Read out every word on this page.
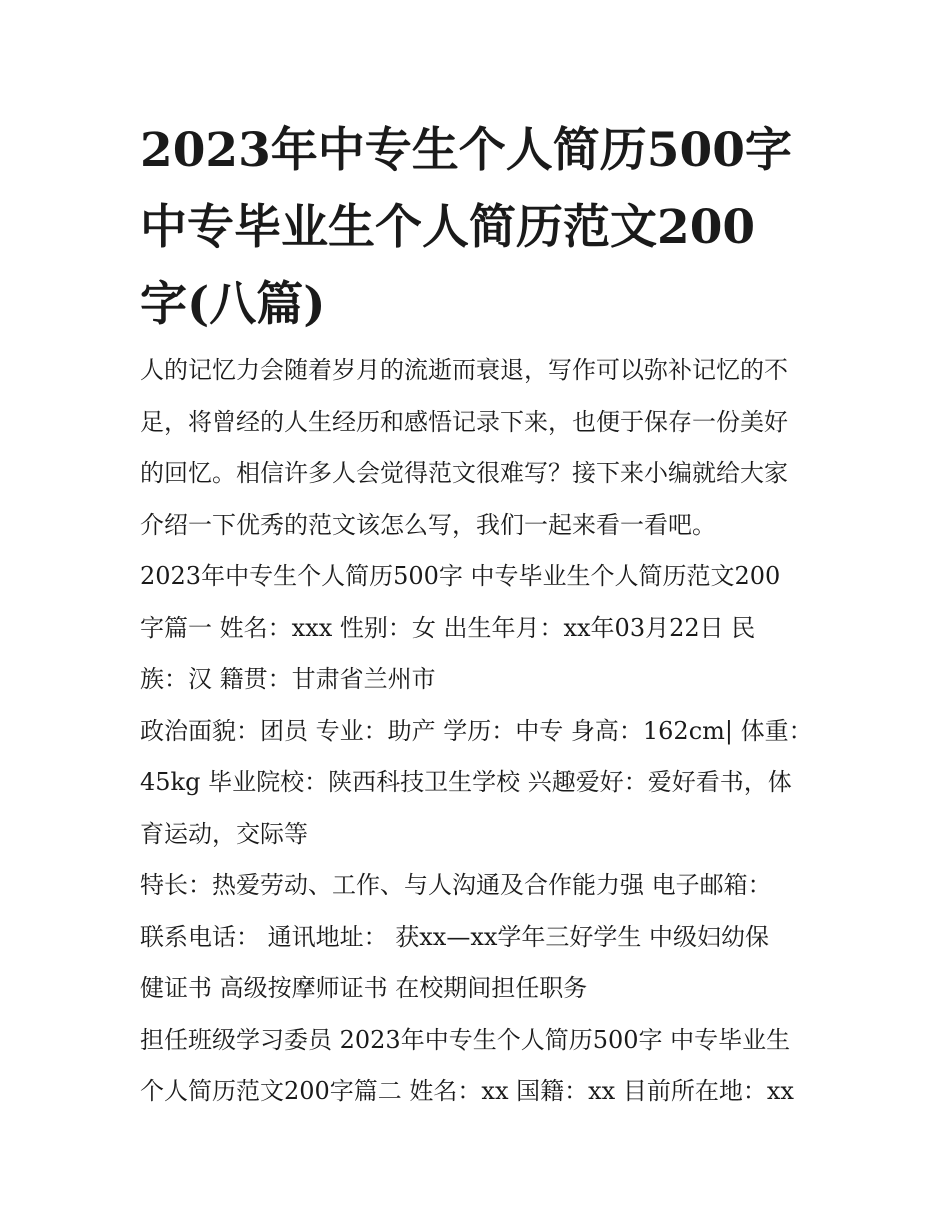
2023年中专生个人简历500字
中专毕业生个人简历范文200
字(八篇)
人的记忆力会随着岁月的流逝而衰退，写作可以弥补记忆的不
足，将曾经的人生经历和感悟记录下来，也便于保存一份美好
的回忆。相信许多人会觉得范文很难写？接下来小编就给大家
介绍一下优秀的范文该怎么写，我们一起来看一看吧。
2023年中专生个人简历500字 中专毕业生个人简历范文200
字篇一 姓名：xxx 性别：女 出生年月：xx年03月22日 民
族：汉 籍贯：甘肃省兰州市
政治面貌：团员 专业：助产 学历：中专 身高：162cm| 体重：
45kg 毕业院校：陕西科技卫生学校 兴趣爱好：爱好看书，体
育运动，交际等
特长：热爱劳动、工作、与人沟通及合作能力强 电子邮箱：
联系电话： 通讯地址： 获xx—xx学年三好学生 中级妇幼保
健证书 高级按摩师证书 在校期间担任职务
担任班级学习委员 2023年中专生个人简历500字 中专毕业生
个人简历范文200字篇二 姓名：xx 国籍：xx 目前所在地：xx
